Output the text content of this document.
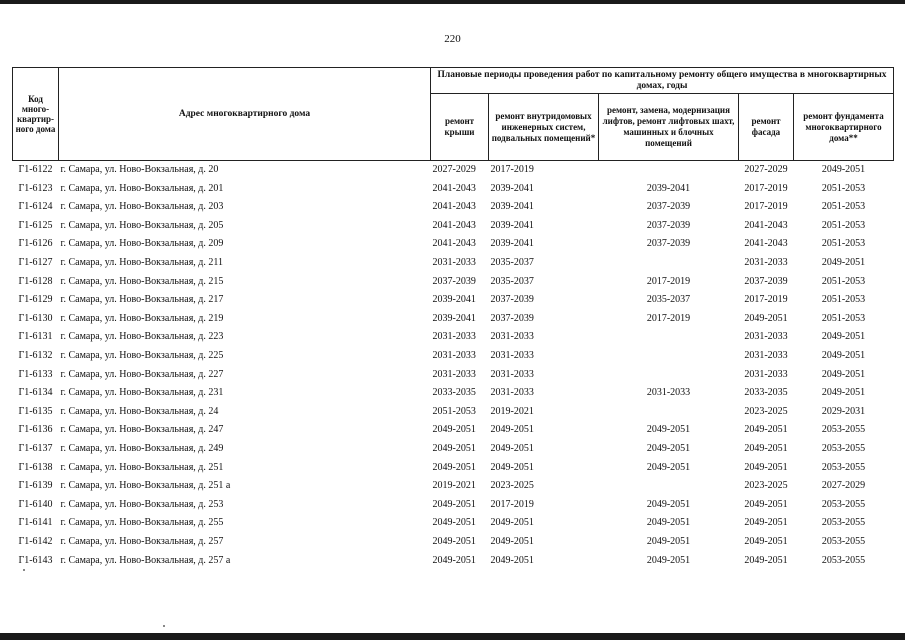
220
Код много-квартир-ного дома	Адрес многоквартирного дома	Плановые периоды проведения работ по капитальному ремонту общего имущества в многоквартирных домах, годы				
		ремонт крыши	ремонт внутридомовых инженерных систем, подвальных помещений*	ремонт, замена, модернизация лифтов, ремонт лифтовых шахт, машинных и блочных помещений	ремонт фасада	ремонт фундамента многоквартирного дома**
Г1-6122	г. Самара, ул. Ново-Вокзальная, д. 20	2027-2029	2017-2019		2027-2029	2049-2051
Г1-6123	г. Самара, ул. Ново-Вокзальная, д. 201	2041-2043	2039-2041	2039-2041	2017-2019	2051-2053
Г1-6124	г. Самара, ул. Ново-Вокзальная, д. 203	2041-2043	2039-2041	2037-2039	2017-2019	2051-2053
Г1-6125	г. Самара, ул. Ново-Вокзальная, д. 205	2041-2043	2039-2041	2037-2039	2041-2043	2051-2053
Г1-6126	г. Самара, ул. Ново-Вокзальная, д. 209	2041-2043	2039-2041	2037-2039	2041-2043	2051-2053
Г1-6127	г. Самара, ул. Ново-Вокзальная, д. 211	2031-2033	2035-2037		2031-2033	2049-2051
Г1-6128	г. Самара, ул. Ново-Вокзальная, д. 215	2037-2039	2035-2037	2017-2019	2037-2039	2051-2053
Г1-6129	г. Самара, ул. Ново-Вокзальная, д. 217	2039-2041	2037-2039	2035-2037	2017-2019	2051-2053
Г1-6130	г. Самара, ул. Ново-Вокзальная, д. 219	2039-2041	2037-2039	2017-2019	2049-2051	2051-2053
Г1-6131	г. Самара, ул. Ново-Вокзальная, д. 223	2031-2033	2031-2033		2031-2033	2049-2051
Г1-6132	г. Самара, ул. Ново-Вокзальная, д. 225	2031-2033	2031-2033		2031-2033	2049-2051
Г1-6133	г. Самара, ул. Ново-Вокзальная, д. 227	2031-2033	2031-2033		2031-2033	2049-2051
Г1-6134	г. Самара, ул. Ново-Вокзальная, д. 231	2033-2035	2031-2033	2031-2033	2033-2035	2049-2051
Г1-6135	г. Самара, ул. Ново-Вокзальная, д. 24	2051-2053	2019-2021		2023-2025	2029-2031
Г1-6136	г. Самара, ул. Ново-Вокзальная, д. 247	2049-2051	2049-2051	2049-2051	2049-2051	2053-2055
Г1-6137	г. Самара, ул. Ново-Вокзальная, д. 249	2049-2051	2049-2051	2049-2051	2049-2051	2053-2055
Г1-6138	г. Самара, ул. Ново-Вокзальная, д. 251	2049-2051	2049-2051	2049-2051	2049-2051	2053-2055
Г1-6139	г. Самара, ул. Ново-Вокзальная, д. 251 а	2019-2021	2023-2025		2023-2025	2027-2029
Г1-6140	г. Самара, ул. Ново-Вокзальная, д. 253	2049-2051	2017-2019	2049-2051	2049-2051	2053-2055
Г1-6141	г. Самара, ул. Ново-Вокзальная, д. 255	2049-2051	2049-2051	2049-2051	2049-2051	2053-2055
Г1-6142	г. Самара, ул. Ново-Вокзальная, д. 257	2049-2051	2049-2051	2049-2051	2049-2051	2053-2055
Г1-6143	г. Самара, ул. Ново-Вокзальная, д. 257 а	2049-2051	2049-2051	2049-2051	2049-2051	2053-2055
